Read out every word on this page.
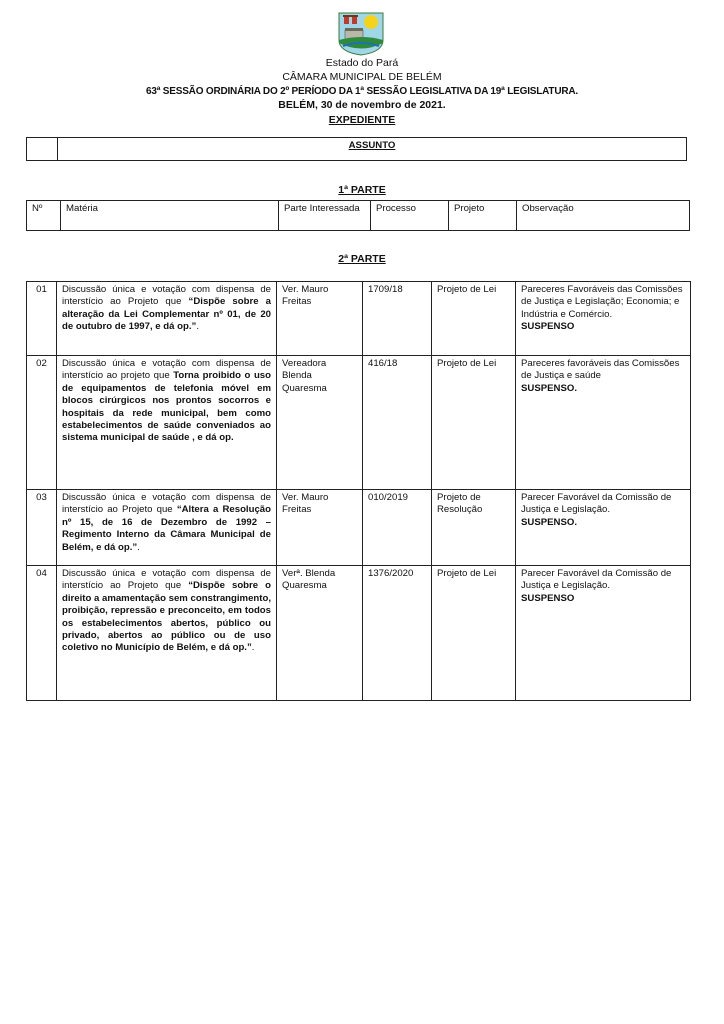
Estado do Pará
CÂMARA MUNICIPAL DE BELÉM
63ª SESSÃO ORDINÁRIA DO 2º PERÍODO DA 1ª SESSÃO LEGISLATIVA DA 19ª LEGISLATURA.
BELÉM, 30 de novembro de 2021.
EXPEDIENTE
	ASSUNTO
1ª PARTE
Nº	Matéria	Parte Interessada	Processo	Projeto	Observação
2ª PARTE
01	Discussão única e votação com dispensa de interstício ao Projeto que “Dispõe sobre a alteração da Lei Complementar nº 01, de 20 de outubro de 1997, e dá op.”.	Ver. Mauro Freitas	1709/18	Projeto de Lei	Pareceres Favoráveis das Comissões de Justiça e Legislação; Economia; e Indústria e Comércio.
SUSPENSO
02	Discussão única e votação com dispensa de interstício ao projeto que Torna proibido o uso de equipamentos de telefonia móvel em blocos cirúrgicos nos prontos socorros e hospitais da rede municipal, bem como estabelecimentos de saúde conveniados ao sistema municipal de saúde , e dá op.	Vereadora Blenda Quaresma	416/18	Projeto de Lei	Pareceres favoráveis das Comissões de Justiça e saúde
SUSPENSO.
03	Discussão única e votação com dispensa de interstício ao Projeto que “Altera a Resolução nº 15, de 16 de Dezembro de 1992 – Regimento Interno da Câmara Municipal de Belém, e dá op.”.	Ver. Mauro Freitas	010/2019	Projeto de Resolução	Parecer Favorável da Comissão de Justiça e Legislação.
SUSPENSO.
04	Discussão única e votação com dispensa de interstício ao Projeto que “Dispõe sobre o direito a amamentação sem constrangimento, proibição, repressão e preconceito, em todos os estabelecimentos abertos, público ou privado, abertos ao público ou de uso coletivo no Município de Belém, e dá op.”.	Verª. Blenda Quaresma	1376/2020	Projeto de Lei	Parecer Favorável da Comissão de Justiça e Legislação.
SUSPENSO
